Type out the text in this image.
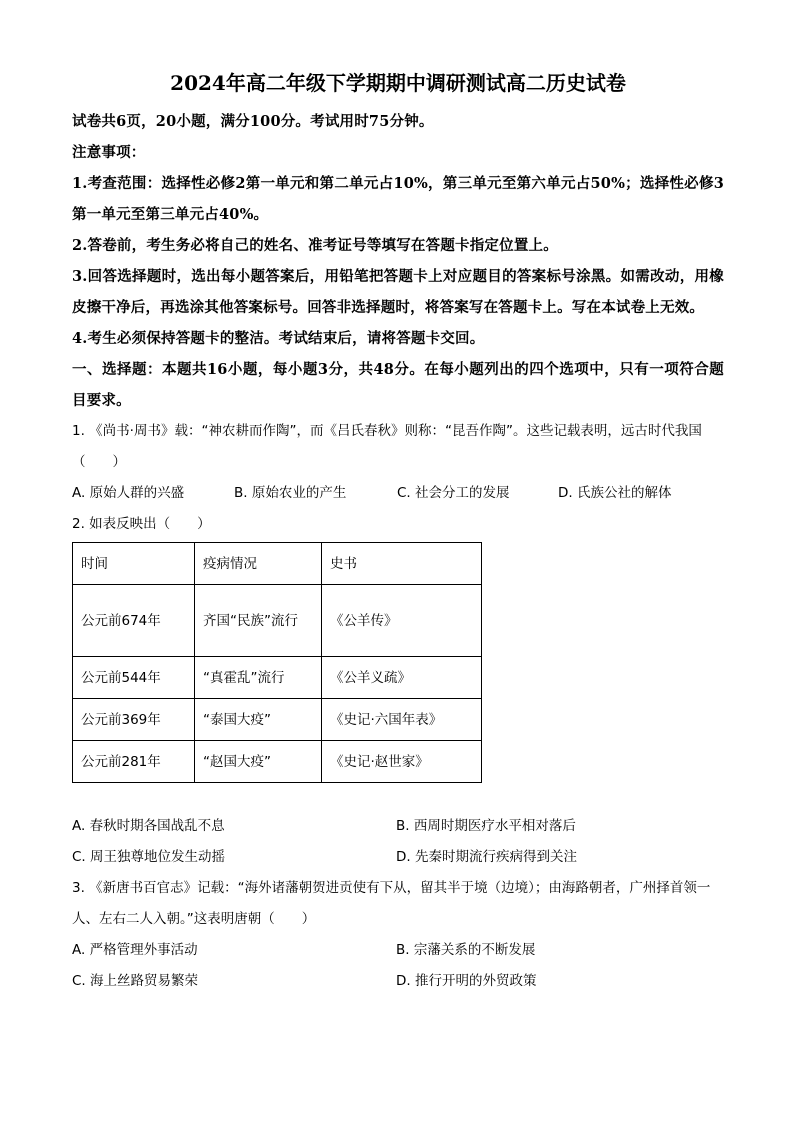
2024年高二年级下学期期中调研测试高二历史试卷

试卷共6页，20小题，满分100分。考试用时75分钟。

注意事项：

1.考查范围：选择性必修2第一单元和第二单元占10%，第三单元至第六单元占50%；选择性必修3第一单元至第三单元占40%。

2.答卷前，考生务必将自己的姓名、准考证号等填写在答题卡指定位置上。

3.回答选择题时，选出每小题答案后，用铅笔把答题卡上对应题目的答案标号涂黑。如需改动，用橡皮擦干净后，再选涂其他答案标号。回答非选择题时，将答案写在答题卡上。写在本试卷上无效。

4.考生必须保持答题卡的整洁。考试结束后，请将答题卡交回。

一、选择题：本题共16小题，每小题3分，共48分。在每小题列出的四个选项中，只有一项符合题目要求。

1. 《尚书·周书》载：“神农耕而作陶”，而《吕氏春秋》则称：“昆吾作陶”。这些记载表明，远古时代我国（　　）

A. 原始人群的兴盛	B. 原始农业的产生	C. 社会分工的发展	D. 氏族公社的解体

2. 如表反映出（　　）

时间	疫病情况	史书
公元前674年	齐国“民族”流行	《公羊传》
公元前544年	“真霍乱”流行	《公羊义疏》
公元前369年	“泰国大疫”	《史记·六国年表》
公元前281年	“赵国大疫”	《史记·赵世家》
A. 春秋时期各国战乱不息	B. 西周时期医疗水平相对落后
C. 周王独尊地位发生动摇	D. 先秦时期流行疾病得到关注

3. 《新唐书百官志》记载：“海外诸藩朝贺进贡使有下从，留其半于境（边境）；由海路朝者，广州择首领一人、左右二人入朝。”这表明唐朝（　　）

A. 严格管理外事活动	B. 宗藩关系的不断发展
C. 海上丝路贸易繁荣	D. 推行开明的外贸政策
